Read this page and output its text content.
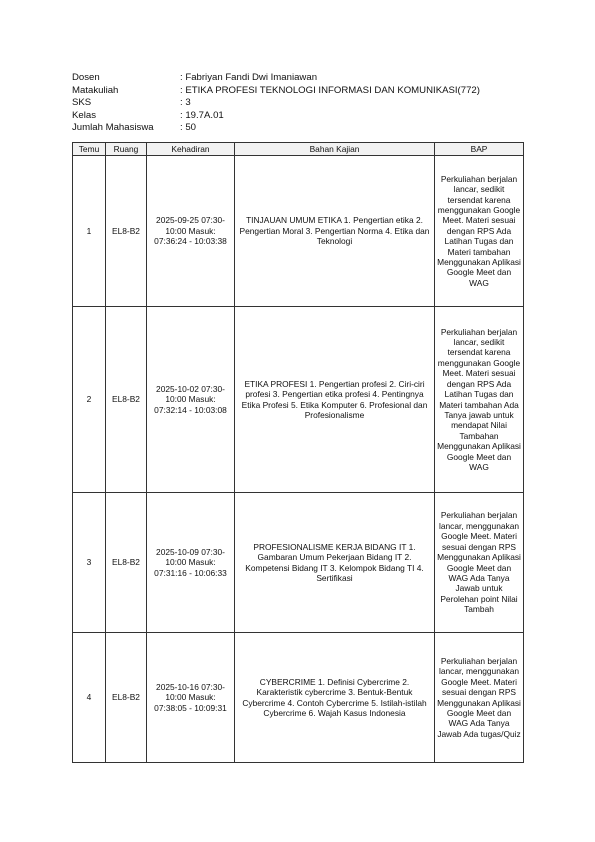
Dosen	: Fabriyan Fandi Dwi Imaniawan
Matakuliah	: ETIKA PROFESI TEKNOLOGI INFORMASI DAN KOMUNIKASI(772)
SKS	: 3
Kelas	: 19.7A.01
Jumlah Mahasiswa	: 50
Temu	Ruang	Kehadiran	Bahan Kajian	BAP
1	EL8-B2	2025-09-25 07:30-10:00 Masuk: 07:36:24 - 10:03:38	TINJAUAN UMUM ETIKA 1. Pengertian etika 2. Pengertian Moral 3. Pengertian Norma 4. Etika dan Teknologi	Perkuliahan berjalan lancar, sedikit tersendat karena menggunakan Google Meet. Materi sesuai dengan RPS Ada Latihan Tugas dan Materi tambahan Menggunakan Aplikasi Google Meet dan WAG
2	EL8-B2	2025-10-02 07:30-10:00 Masuk: 07:32:14 - 10:03:08	ETIKA PROFESI 1. Pengertian profesi 2. Ciri-ciri profesi 3. Pengertian etika profesi 4. Pentingnya Etika Profesi 5. Etika Komputer 6. Profesional dan Profesionalisme	Perkuliahan berjalan lancar, sedikit tersendat karena menggunakan Google Meet. Materi sesuai dengan RPS Ada Latihan Tugas dan Materi tambahan Ada Tanya jawab untuk mendapat Nilai Tambahan Menggunakan Aplikasi Google Meet dan WAG
3	EL8-B2	2025-10-09 07:30-10:00 Masuk: 07:31:16 - 10:06:33	PROFESIONALISME KERJA BIDANG IT 1. Gambaran Umum Pekerjaan Bidang IT 2. Kompetensi Bidang IT 3. Kelompok Bidang TI 4. Sertifikasi	Perkuliahan berjalan lancar, menggunakan Google Meet. Materi sesuai dengan RPS Menggunakan Aplikasi Google Meet dan WAG Ada Tanya Jawab untuk Perolehan point Nilai Tambah
4	EL8-B2	2025-10-16 07:30-10:00 Masuk: 07:38:05 - 10:09:31	CYBERCRIME 1. Definisi Cybercrime 2. Karakteristik cybercrime 3. Bentuk-Bentuk Cybercrime 4. Contoh Cybercrime 5. Istilah-istilah Cybercrime 6. Wajah Kasus Indonesia	Perkuliahan berjalan lancar, menggunakan Google Meet. Materi sesuai dengan RPS Menggunakan Aplikasi Google Meet dan WAG Ada Tanya Jawab Ada tugas/Quiz
